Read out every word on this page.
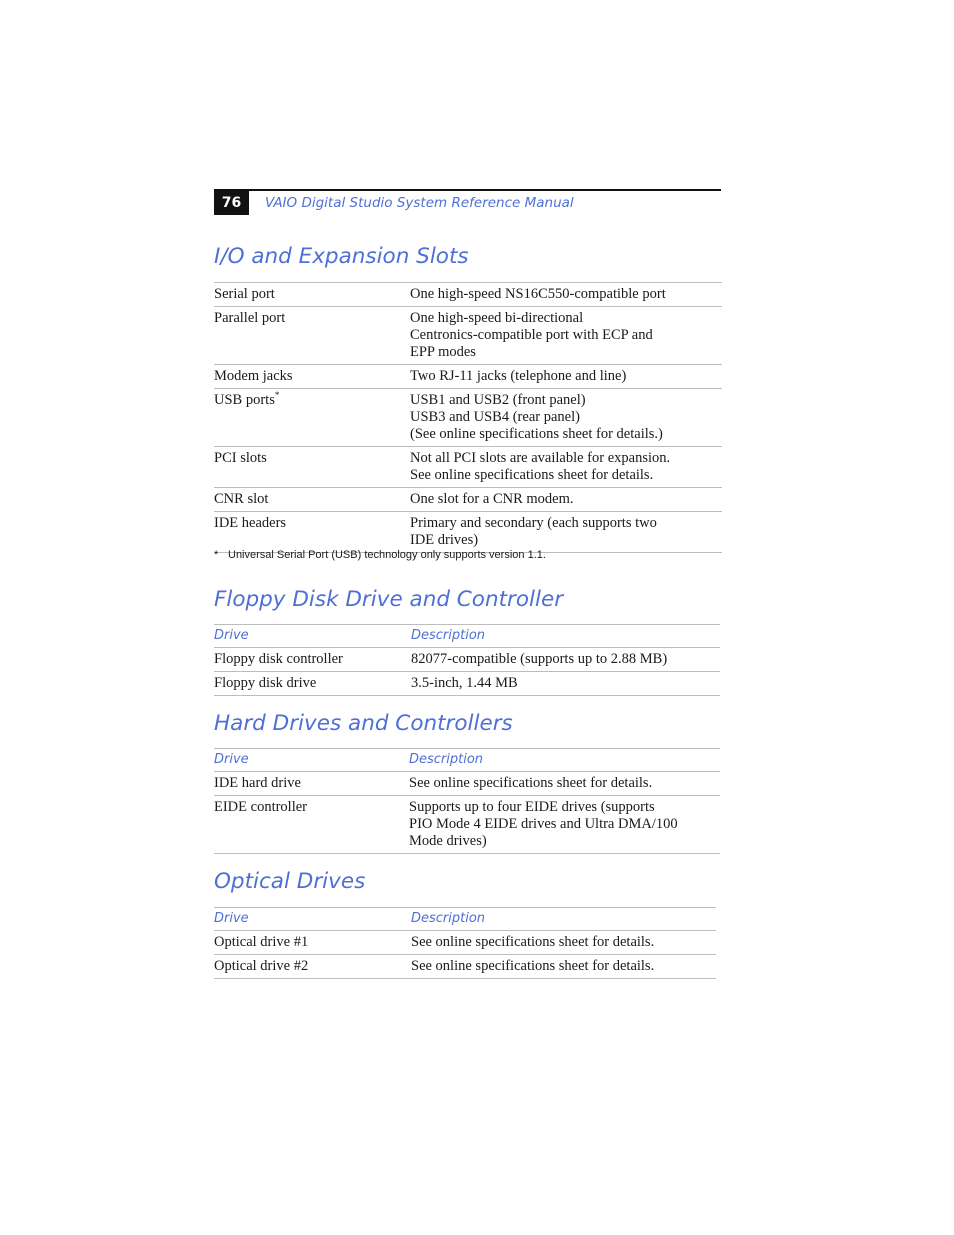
76	VAIO Digital Studio System Reference Manual
I/O and Expansion Slots
Serial port	One high-speed NS16C550-compatible port
Parallel port	One high-speed bi-directional
Centronics-compatible port with ECP and
EPP modes
Modem jacks	Two RJ-11 jacks (telephone and line)
USB ports*	USB1 and USB2 (front panel)
USB3 and USB4 (rear panel)
(See online specifications sheet for details.)
PCI slots	Not all PCI slots are available for expansion.
See online specifications sheet for details.
CNR slot	One slot for a CNR modem.
IDE headers	Primary and secondary (each supports two
IDE drives)
* Universal Serial Port (USB) technology only supports version 1.1.
Floppy Disk Drive and Controller
Drive	Description
Floppy disk controller	82077-compatible (supports up to 2.88 MB)
Floppy disk drive	3.5-inch, 1.44 MB
Hard Drives and Controllers
Drive	Description
IDE hard drive	See online specifications sheet for details.
EIDE controller	Supports up to four EIDE drives (supports
PIO Mode 4 EIDE drives and Ultra DMA/100
Mode drives)
Optical Drives
Drive	Description
Optical drive #1	See online specifications sheet for details.
Optical drive #2	See online specifications sheet for details.
